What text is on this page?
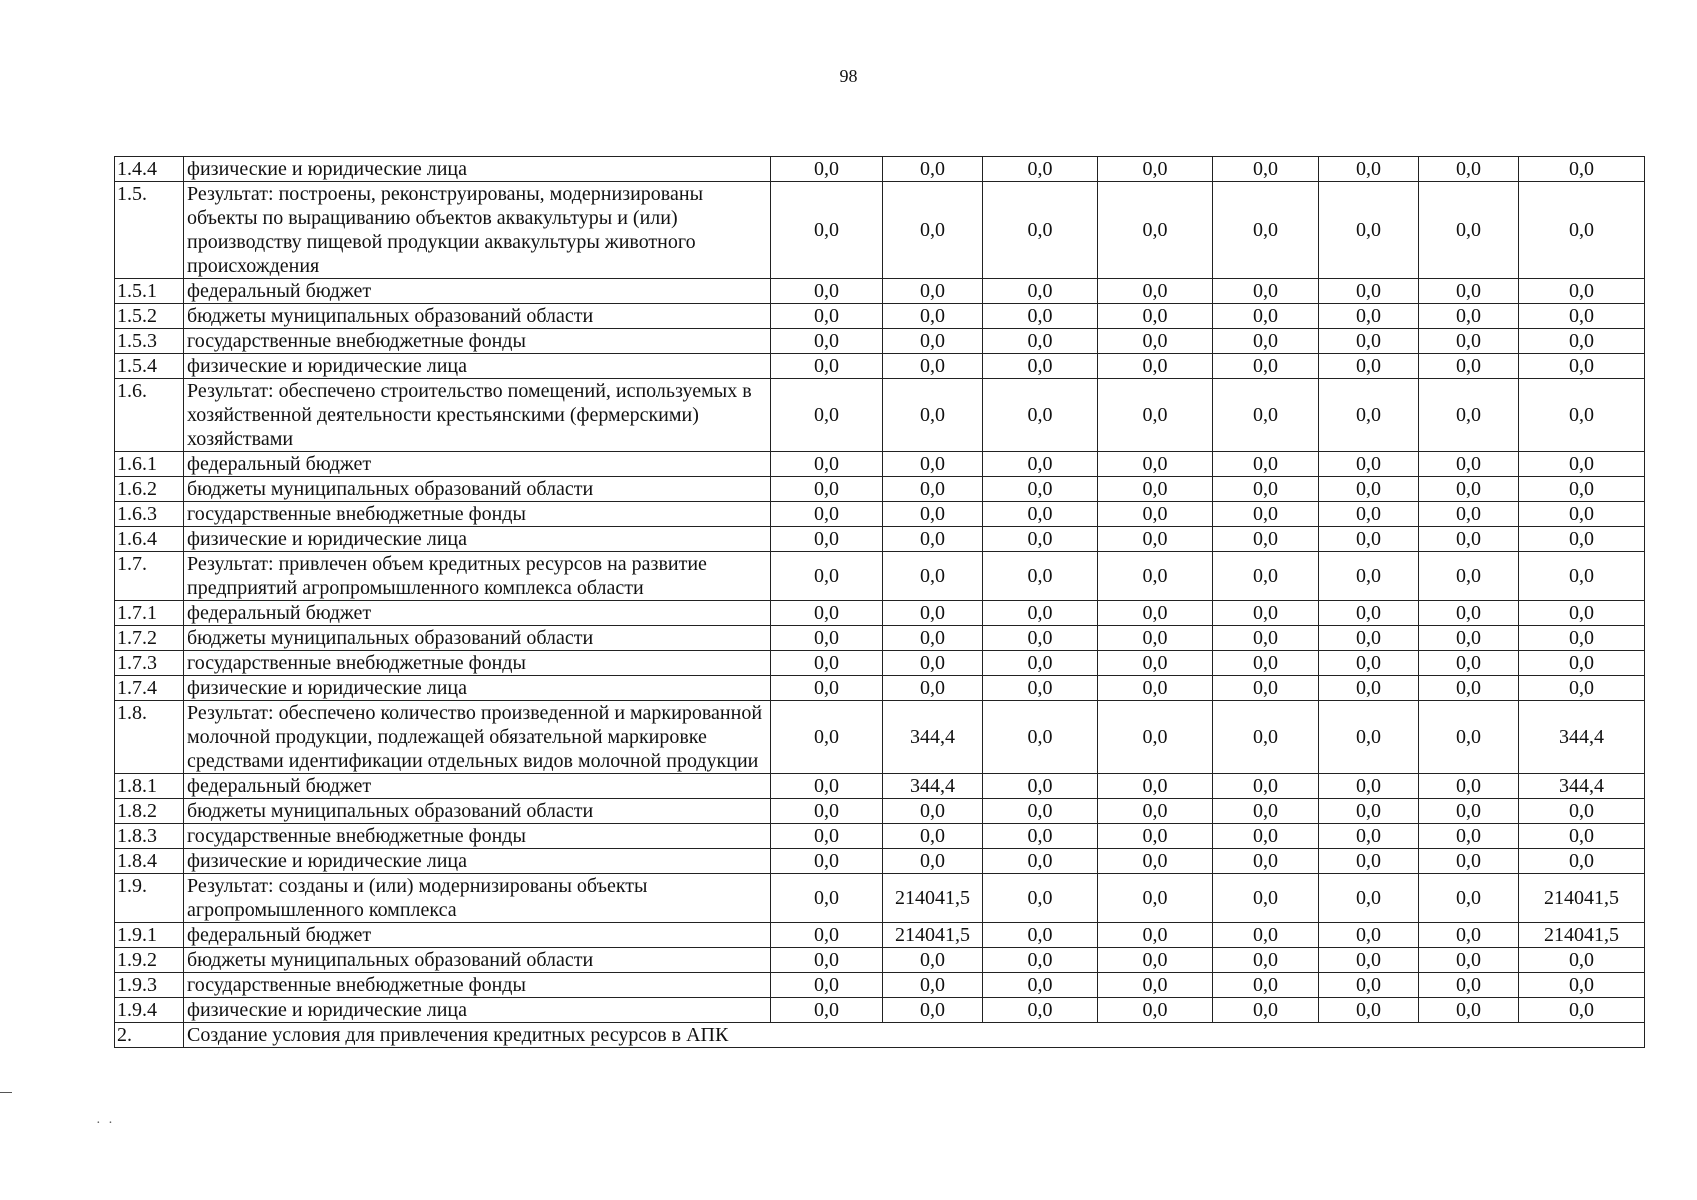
98
1.4.4	физические и юридические лица	0,0	0,0	0,0	0,0	0,0	0,0	0,0	0,0
1.5.	Результат: построены, реконструированы, модернизированы объекты по выращиванию объектов аквакультуры и (или) производству пищевой продукции аквакультуры животного происхождения	0,0	0,0	0,0	0,0	0,0	0,0	0,0	0,0
1.5.1	федеральный бюджет	0,0	0,0	0,0	0,0	0,0	0,0	0,0	0,0
1.5.2	бюджеты муниципальных образований области	0,0	0,0	0,0	0,0	0,0	0,0	0,0	0,0
1.5.3	государственные внебюджетные фонды	0,0	0,0	0,0	0,0	0,0	0,0	0,0	0,0
1.5.4	физические и юридические лица	0,0	0,0	0,0	0,0	0,0	0,0	0,0	0,0
1.6.	Результат: обеспечено строительство помещений, используемых в хозяйственной деятельности крестьянскими (фермерскими) хозяйствами	0,0	0,0	0,0	0,0	0,0	0,0	0,0	0,0
1.6.1	федеральный бюджет	0,0	0,0	0,0	0,0	0,0	0,0	0,0	0,0
1.6.2	бюджеты муниципальных образований области	0,0	0,0	0,0	0,0	0,0	0,0	0,0	0,0
1.6.3	государственные внебюджетные фонды	0,0	0,0	0,0	0,0	0,0	0,0	0,0	0,0
1.6.4	физические и юридические лица	0,0	0,0	0,0	0,0	0,0	0,0	0,0	0,0
1.7.	Результат: привлечен объем кредитных ресурсов на развитие предприятий агропромышленного комплекса области	0,0	0,0	0,0	0,0	0,0	0,0	0,0	0,0
1.7.1	федеральный бюджет	0,0	0,0	0,0	0,0	0,0	0,0	0,0	0,0
1.7.2	бюджеты муниципальных образований области	0,0	0,0	0,0	0,0	0,0	0,0	0,0	0,0
1.7.3	государственные внебюджетные фонды	0,0	0,0	0,0	0,0	0,0	0,0	0,0	0,0
1.7.4	физические и юридические лица	0,0	0,0	0,0	0,0	0,0	0,0	0,0	0,0
1.8.	Результат: обеспечено количество произведенной и маркированной молочной продукции, подлежащей обязательной маркировке средствами идентификации отдельных видов молочной продукции	0,0	344,4	0,0	0,0	0,0	0,0	0,0	344,4
1.8.1	федеральный бюджет	0,0	344,4	0,0	0,0	0,0	0,0	0,0	344,4
1.8.2	бюджеты муниципальных образований области	0,0	0,0	0,0	0,0	0,0	0,0	0,0	0,0
1.8.3	государственные внебюджетные фонды	0,0	0,0	0,0	0,0	0,0	0,0	0,0	0,0
1.8.4	физические и юридические лица	0,0	0,0	0,0	0,0	0,0	0,0	0,0	0,0
1.9.	Результат: созданы и (или) модернизированы объекты агропромышленного комплекса	0,0	214041,5	0,0	0,0	0,0	0,0	0,0	214041,5
1.9.1	федеральный бюджет	0,0	214041,5	0,0	0,0	0,0	0,0	0,0	214041,5
1.9.2	бюджеты муниципальных образований области	0,0	0,0	0,0	0,0	0,0	0,0	0,0	0,0
1.9.3	государственные внебюджетные фонды	0,0	0,0	0,0	0,0	0,0	0,0	0,0	0,0
1.9.4	физические и юридические лица	0,0	0,0	0,0	0,0	0,0	0,0	0,0	0,0
2.	Создание условия для привлечения кредитных ресурсов в АПК								
· ·
